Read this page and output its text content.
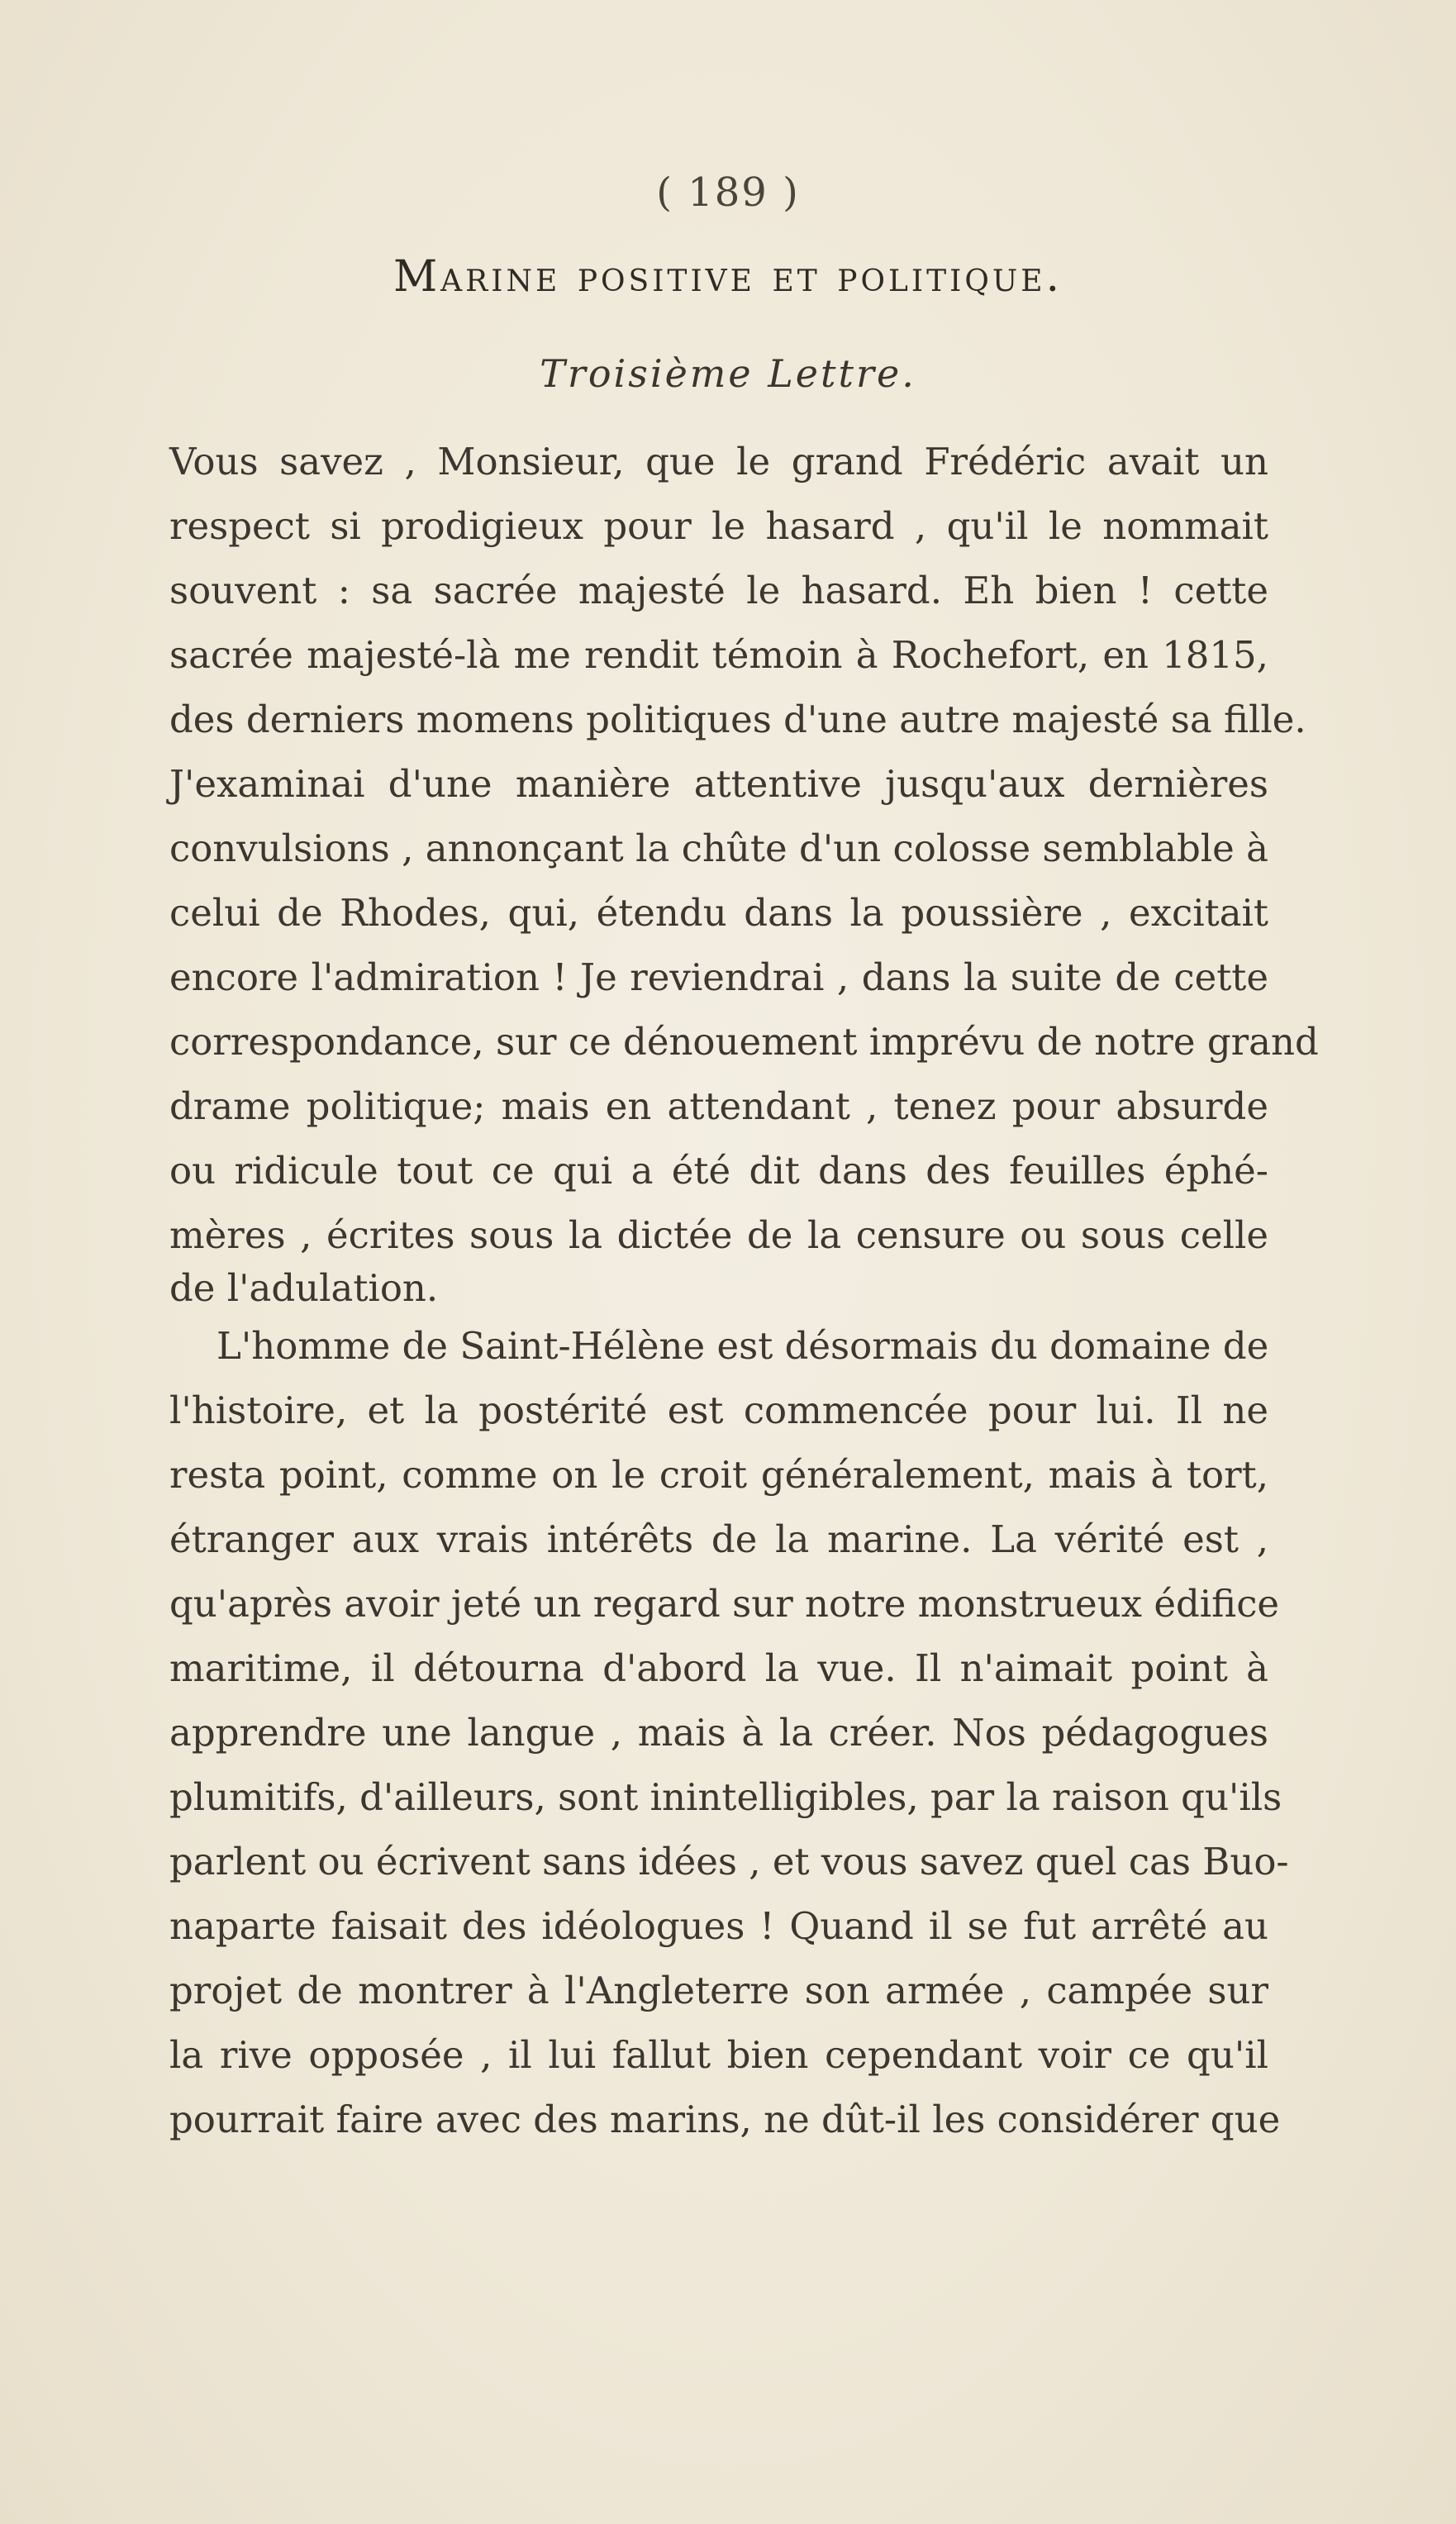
( 189 )
Marine positive et politique.
Troisième Lettre.
Vous savez , Monsieur, que le grand Frédéric avait un
respect si prodigieux pour le hasard , qu'il le nommait
souvent : sa sacrée majesté le hasard. Eh bien ! cette
sacrée majesté-là me rendit témoin à Rochefort, en 1815,
des derniers momens politiques d'une autre majesté sa fille.
J'examinai d'une manière attentive jusqu'aux dernières
convulsions , annonçant la chûte d'un colosse semblable à
celui de Rhodes, qui, étendu dans la poussière , excitait
encore l'admiration ! Je reviendrai , dans la suite de cette
correspondance, sur ce dénouement imprévu de notre grand
drame politique; mais en attendant , tenez pour absurde
ou ridicule tout ce qui a été dit dans des feuilles éphé-
mères , écrites sous la dictée de la censure ou sous celle
de l'adulation.
L'homme de Saint-Hélène est désormais du domaine de
l'histoire, et la postérité est commencée pour lui. Il ne
resta point, comme on le croit généralement, mais à tort,
étranger aux vrais intérêts de la marine. La vérité est ,
qu'après avoir jeté un regard sur notre monstrueux édifice
maritime, il détourna d'abord la vue. Il n'aimait point à
apprendre une langue , mais à la créer. Nos pédagogues
plumitifs, d'ailleurs, sont inintelligibles, par la raison qu'ils
parlent ou écrivent sans idées , et vous savez quel cas Buo-
naparte faisait des idéologues ! Quand il se fut arrêté au
projet de montrer à l'Angleterre son armée , campée sur
la rive opposée , il lui fallut bien cependant voir ce qu'il
pourrait faire avec des marins, ne dût-il les considérer que
